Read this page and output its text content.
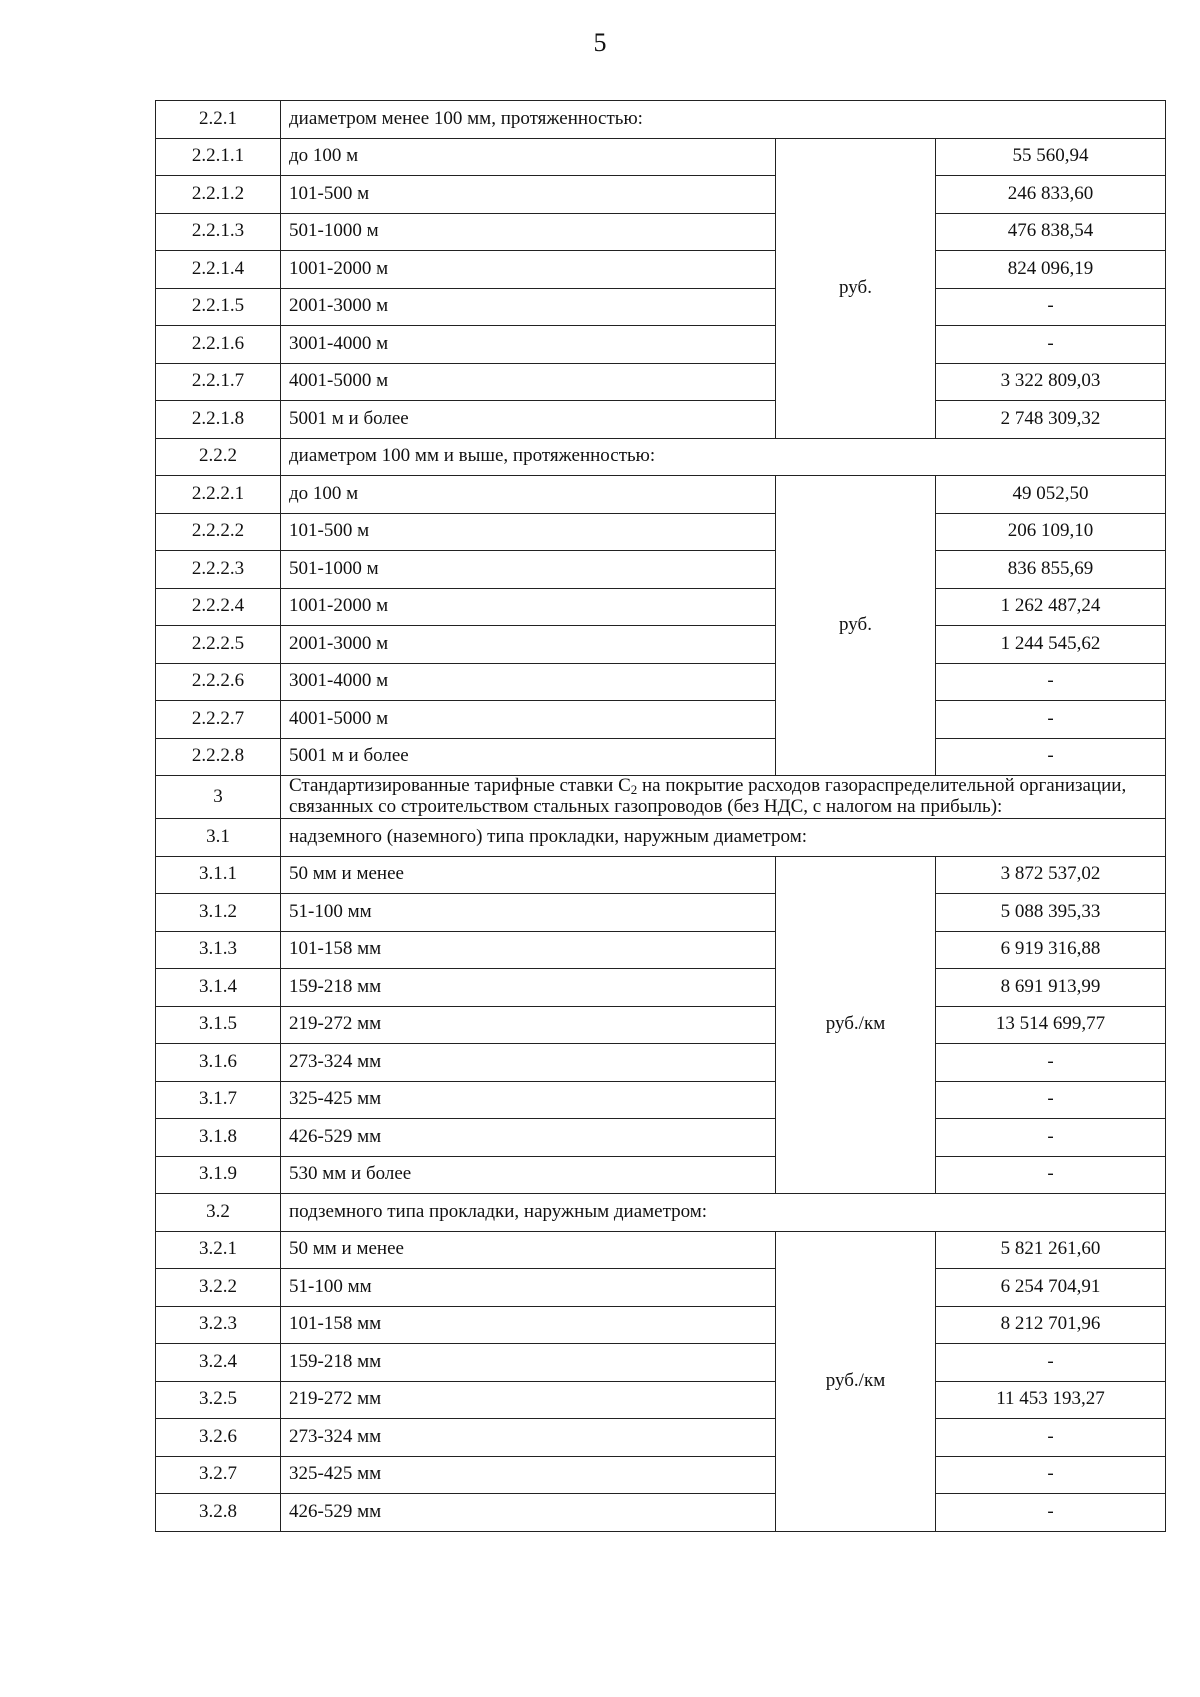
5
2.2.1	диаметром менее 100 мм, протяженностью:		
2.2.1.1	до 100 м	руб.	55 560,94
2.2.1.2	101-500 м		246 833,60
2.2.1.3	501-1000 м		476 838,54
2.2.1.4	1001-2000 м		824 096,19
2.2.1.5	2001-3000 м		-
2.2.1.6	3001-4000 м		-
2.2.1.7	4001-5000 м		3 322 809,03
2.2.1.8	5001 м и более		2 748 309,32
2.2.2	диаметром 100 мм и выше, протяженностью:		
2.2.2.1	до 100 м	руб.	49 052,50
2.2.2.2	101-500 м		206 109,10
2.2.2.3	501-1000 м		836 855,69
2.2.2.4	1001-2000 м		1 262 487,24
2.2.2.5	2001-3000 м		1 244 545,62
2.2.2.6	3001-4000 м		-
2.2.2.7	4001-5000 м		-
2.2.2.8	5001 м и более		-
3	Стандартизированные тарифные ставки $С_2$ на покрытие расходов газораспределительной организации, связанных со строительством стальных газопроводов (без НДС, с налогом на прибыль):		
3.1	надземного (наземного) типа прокладки, наружным диаметром:		
3.1.1	50 мм и менее	руб./км	3 872 537,02
3.1.2	51-100 мм		5 088 395,33
3.1.3	101-158 мм		6 919 316,88
3.1.4	159-218 мм		8 691 913,99
3.1.5	219-272 мм		13 514 699,77
3.1.6	273-324 мм		-
3.1.7	325-425 мм		-
3.1.8	426-529 мм		-
3.1.9	530 мм и более		-
3.2	подземного типа прокладки, наружным диаметром:		
3.2.1	50 мм и менее	руб./км	5 821 261,60
3.2.2	51-100 мм		6 254 704,91
3.2.3	101-158 мм		8 212 701,96
3.2.4	159-218 мм		-
3.2.5	219-272 мм		11 453 193,27
3.2.6	273-324 мм		-
3.2.7	325-425 мм		-
3.2.8	426-529 мм		-
